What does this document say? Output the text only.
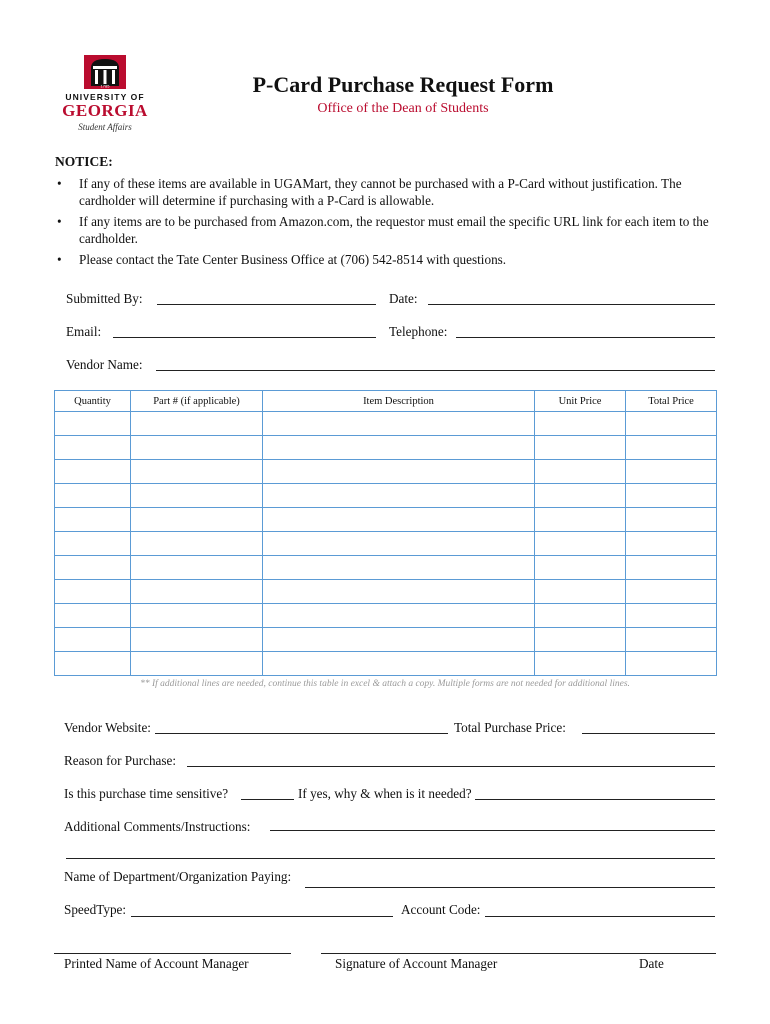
1785
UNIVERSITY OF
GEORGIA
Student Affairs
P-Card Purchase Request Form
Office of the Dean of Students
NOTICE:
• If any of these items are available in UGAMart, they cannot be purchased with a P-Card without justification. The cardholder will determine if purchasing with a P-Card is allowable.
• If any items are to be purchased from Amazon.com, the requestor must email the specific URL link for each item to the cardholder.
• Please contact the Tate Center Business Office at (706) 542-8514 with questions.
Submitted By:	Date:
Email:	Telephone:
Vendor Name:
Quantity	Part # (if applicable)	Item Description	Unit Price	Total Price

** If additional lines are needed, continue this table in excel & attach a copy. Multiple forms are not needed for additional lines.
Vendor Website:	Total Purchase Price:
Reason for Purchase:
Is this purchase time sensitive?	If yes, why & when is it needed?
Additional Comments/Instructions:
Name of Department/Organization Paying:
SpeedType:	Account Code:
Printed Name of Account Manager	Signature of Account Manager	Date
